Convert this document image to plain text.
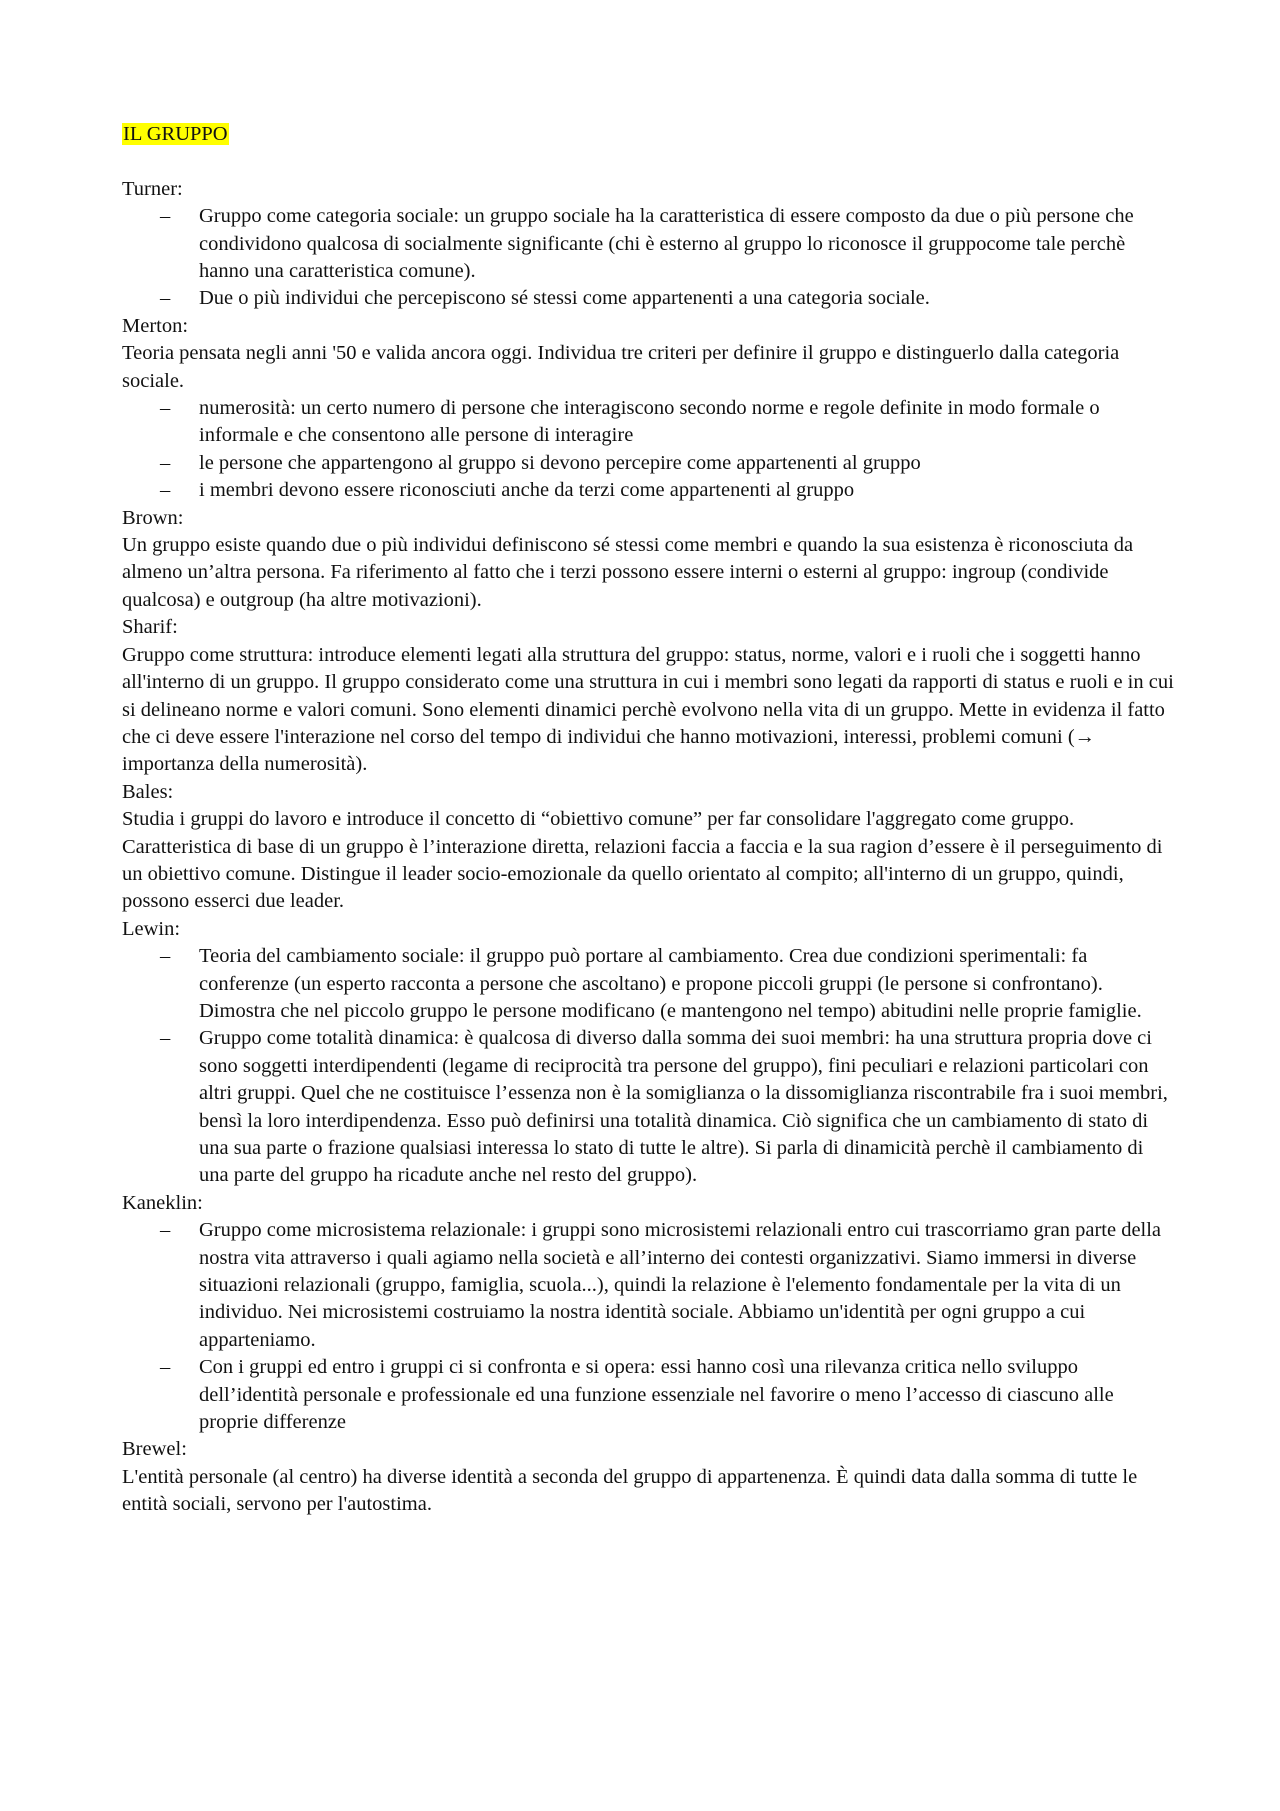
IL GRUPPO

Turner:

– Gruppo come categoria sociale: un gruppo sociale ha la caratteristica di essere composto da due o più persone che condividono qualcosa di socialmente significante (chi è esterno al gruppo lo riconosce il gruppocome tale perchè hanno una caratteristica comune).
– Due o più individui che percepiscono sé stessi come appartenenti a una categoria sociale.

Merton:

Teoria pensata negli anni '50 e valida ancora oggi. Individua tre criteri per definire il gruppo e distinguerlo dalla categoria sociale.

– numerosità: un certo numero di persone che interagiscono secondo norme e regole definite in modo formale o informale e che consentono alle persone di interagire
– le persone che appartengono al gruppo si devono percepire come appartenenti al gruppo
– i membri devono essere riconosciuti anche da terzi come appartenenti al gruppo

Brown:

Un gruppo esiste quando due o più individui definiscono sé stessi come membri e quando la sua esistenza è riconosciuta da almeno un’altra persona. Fa riferimento al fatto che i terzi possono essere interni o esterni al gruppo: ingroup (condivide qualcosa) e outgroup (ha altre motivazioni).

Sharif:

Gruppo come struttura: introduce elementi legati alla struttura del gruppo: status, norme, valori e i ruoli che i soggetti hanno all'interno di un gruppo. Il gruppo considerato come una struttura in cui i membri sono legati da rapporti di status e ruoli e in cui si delineano norme e valori comuni. Sono elementi dinamici perchè evolvono nella vita di un gruppo. Mette in evidenza il fatto che ci deve essere l'interazione nel corso del tempo di individui che hanno motivazioni, interessi, problemi comuni (→ importanza della numerosità).

Bales:

Studia i gruppi do lavoro e introduce il concetto di “obiettivo comune” per far consolidare l'aggregato come gruppo. Caratteristica di base di un gruppo è l’interazione diretta, relazioni faccia a faccia e la sua ragion d’essere è il perseguimento di un obiettivo comune. Distingue il leader socio-emozionale da quello orientato al compito; all'interno di un gruppo, quindi, possono esserci due leader.

Lewin:

– Teoria del cambiamento sociale: il gruppo può portare al cambiamento. Crea due condizioni sperimentali: fa conferenze (un esperto racconta a persone che ascoltano) e propone piccoli gruppi (le persone si confrontano). Dimostra che nel piccolo gruppo le persone modificano (e mantengono nel tempo) abitudini nelle proprie famiglie.
– Gruppo come totalità dinamica: è qualcosa di diverso dalla somma dei suoi membri: ha una struttura propria dove ci sono soggetti interdipendenti (legame di reciprocità tra persone del gruppo), fini peculiari e relazioni particolari con altri gruppi. Quel che ne costituisce l’essenza non è la somiglianza o la dissomiglianza riscontrabile fra i suoi membri, bensì la loro interdipendenza. Esso può definirsi una totalità dinamica. Ciò significa che un cambiamento di stato di una sua parte o frazione qualsiasi interessa lo stato di tutte le altre). Si parla di dinamicità perchè il cambiamento di una parte del gruppo ha ricadute anche nel resto del gruppo).

Kaneklin:

– Gruppo come microsistema relazionale: i gruppi sono microsistemi relazionali entro cui trascorriamo gran parte della nostra vita attraverso i quali agiamo nella società e all’interno dei contesti organizzativi. Siamo immersi in diverse situazioni relazionali (gruppo, famiglia, scuola...), quindi la relazione è l'elemento fondamentale per la vita di un individuo. Nei microsistemi costruiamo la nostra identità sociale. Abbiamo un'identità per ogni gruppo a cui apparteniamo.
– Con i gruppi ed entro i gruppi ci si confronta e si opera: essi hanno così una rilevanza critica nello sviluppo dell’identità personale e professionale ed una funzione essenziale nel favorire o meno l’accesso di ciascuno alle proprie differenze

Brewel:

L'entità personale (al centro) ha diverse identità a seconda del gruppo di appartenenza. È quindi data dalla somma di tutte le entità sociali, servono per l'autostima.
